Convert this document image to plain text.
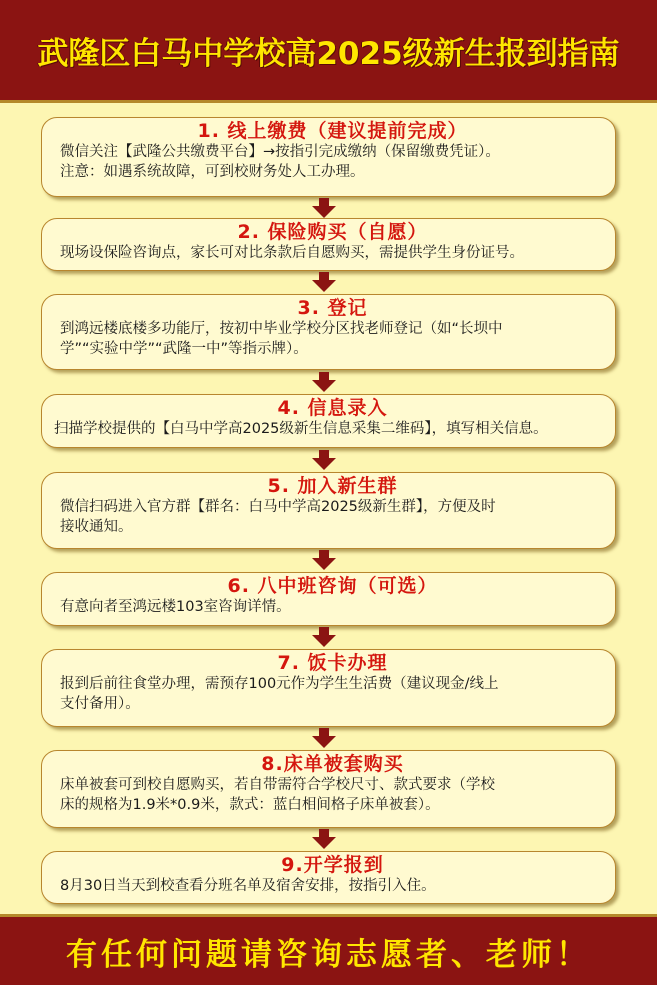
武隆区白马中学校高2025级新生报到指南
1. 线上缴费（建议提前完成）
微信关注【武隆公共缴费平台】→按指引完成缴纳（保留缴费凭证）。
注意：如遇系统故障，可到校财务处人工办理。
2. 保险购买（自愿）
现场设保险咨询点，家长可对比条款后自愿购买，需提供学生身份证号。
3. 登记
到鸿远楼底楼多功能厅，按初中毕业学校分区找老师登记（如“长坝中
学”“实验中学”“武隆一中”等指示牌）。
4. 信息录入
扫描学校提供的【白马中学高2025级新生信息采集二维码】，填写相关信息。
5. 加入新生群
微信扫码进入官方群【群名：白马中学高2025级新生群】，方便及时
接收通知。
6. 八中班咨询（可选）
有意向者至鸿远楼103室咨询详情。
7. 饭卡办理
报到后前往食堂办理，需预存100元作为学生生活费（建议现金/线上
支付备用）。
8.床单被套购买
床单被套可到校自愿购买，若自带需符合学校尺寸、款式要求（学校
床的规格为1.9米*0.9米，款式：蓝白相间格子床单被套）。
9.开学报到
8月30日当天到校查看分班名单及宿舍安排，按指引入住。
有任何问题请咨询志愿者、老师！
